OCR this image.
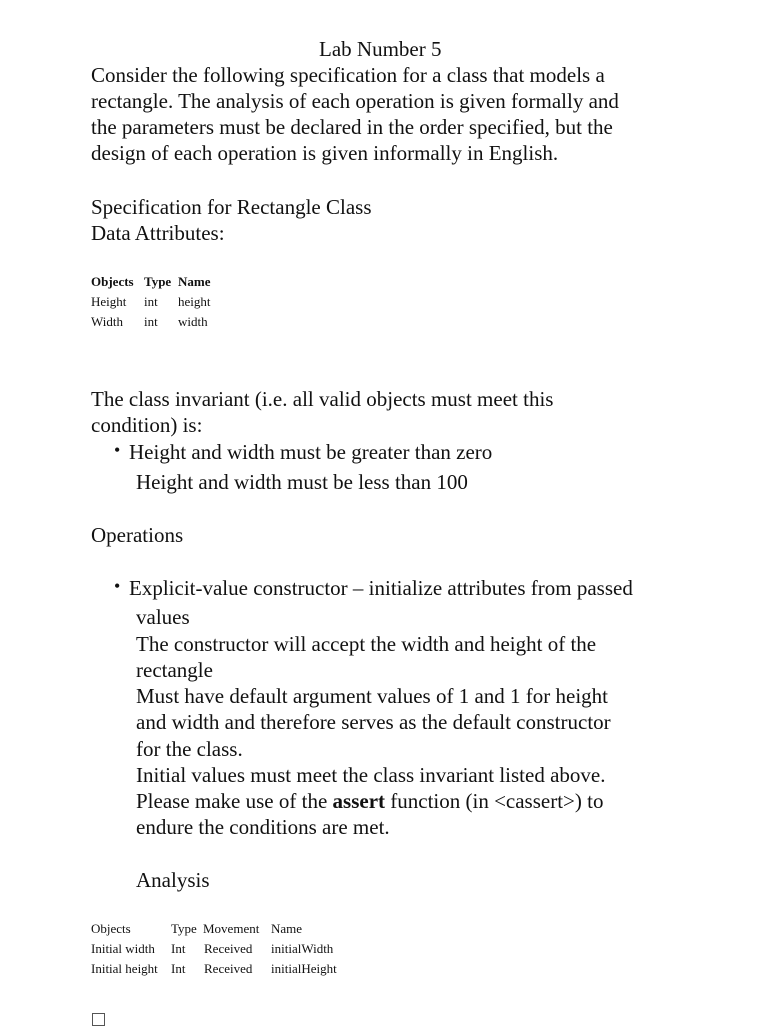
Lab Number 5
Consider the following specification for a class that models a
rectangle. The analysis of each operation is given formally and
the parameters must be declared in the order specified, but the
design of each operation is given informally in English.
Specification for Rectangle Class
Data Attributes:
Objects Type Name
Height int height
Width int width
The class invariant (i.e. all valid objects must meet this
condition) is:
• Height and width must be greater than zero
Height and width must be less than 100
Operations
• Explicit-value constructor – initialize attributes from passed
values
The constructor will accept the width and height of the
rectangle
Must have default argument values of 1 and 1 for height
and width and therefore serves as the default constructor
for the class.
Initial values must meet the class invariant listed above.
Please make use of the assert function (in <cassert>) to
endure the conditions are met.
Analysis
Objects	Type Movement Name
Initial width Int Received initialWidth
Initial height Int Received initialHeight
